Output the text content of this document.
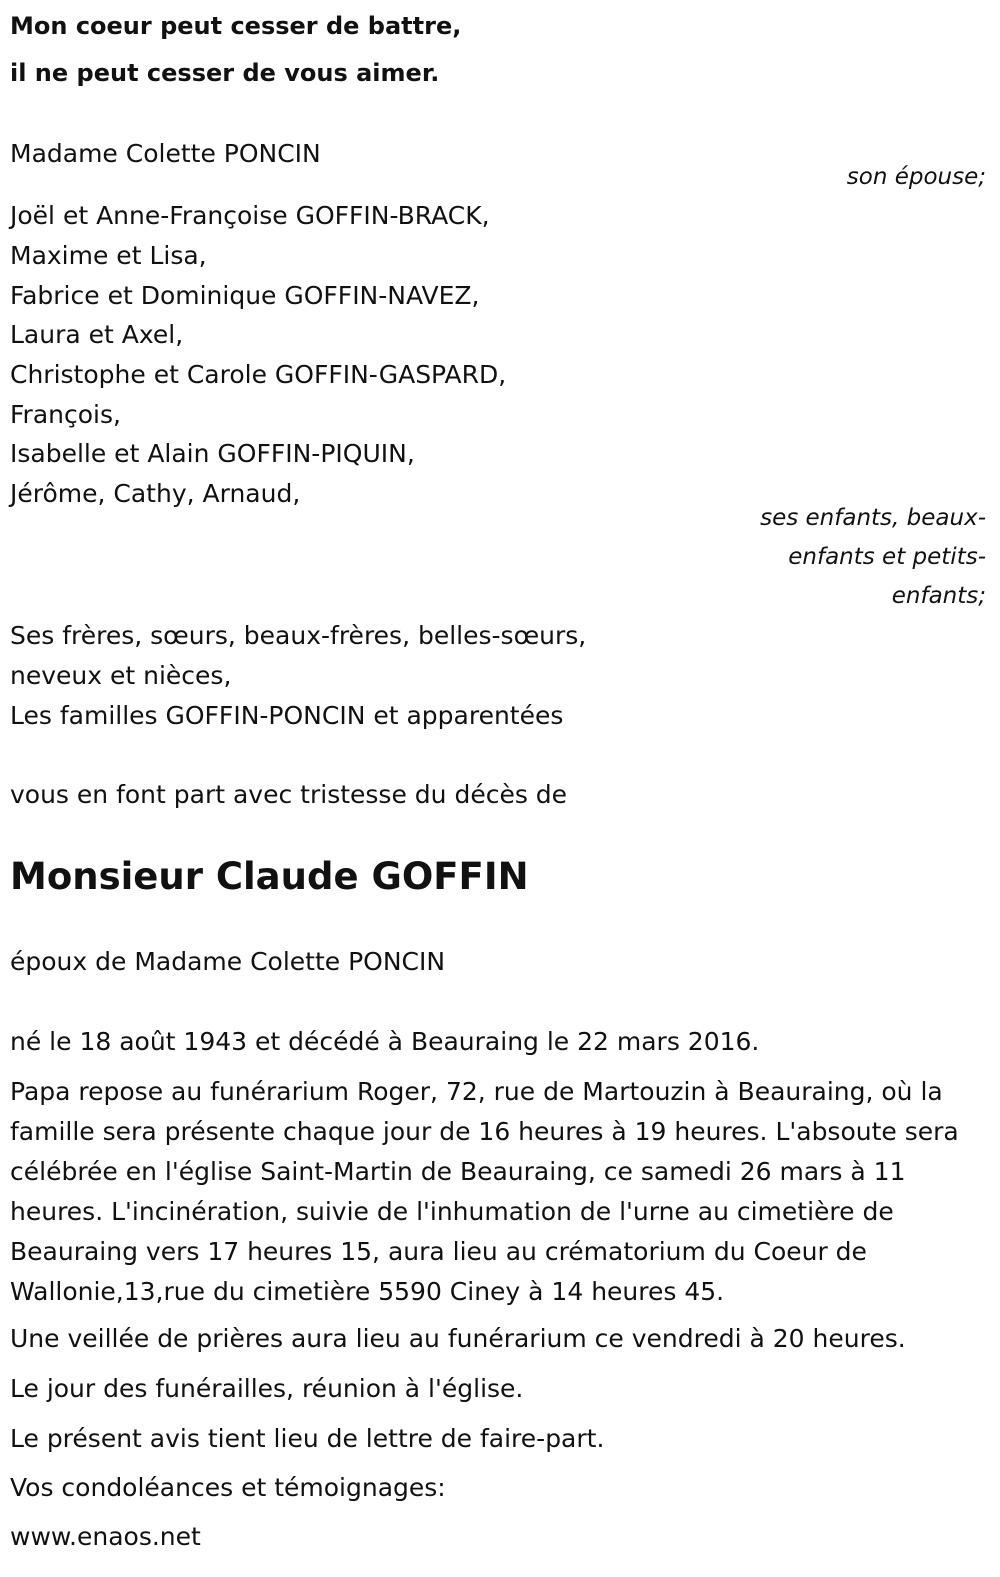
Mon coeur peut cesser de battre,
il ne peut cesser de vous aimer.
Madame Colette PONCIN
son épouse;
Joël et Anne-Françoise GOFFIN-BRACK,
Maxime et Lisa,
Fabrice et Dominique GOFFIN-NAVEZ,
Laura et Axel,
Christophe et Carole GOFFIN-GASPARD,
François,
Isabelle et Alain GOFFIN-PIQUIN,
Jérôme, Cathy, Arnaud,
ses enfants, beaux-
enfants et petits-
enfants;
Ses frères, sœurs, beaux-frères, belles-sœurs,
neveux et nièces,
Les familles GOFFIN-PONCIN et apparentées
vous en font part avec tristesse du décès de
Monsieur Claude GOFFIN
époux de Madame Colette PONCIN
né le 18 août 1943 et décédé à Beauraing le 22 mars 2016.
Papa repose au funérarium Roger, 72, rue de Martouzin à Beauraing, où la famille sera présente chaque jour de 16 heures à 19 heures. L'absoute sera célébrée en l'église Saint-Martin de Beauraing, ce samedi 26 mars à 11 heures. L'incinération, suivie de l'inhumation de l'urne au cimetière de Beauraing vers 17 heures 15, aura lieu au crématorium du Coeur de Wallonie,13,rue du cimetière 5590 Ciney à 14 heures 45.
Une veillée de prières aura lieu au funérarium ce vendredi à 20 heures.
Le jour des funérailles, réunion à l'église.
Le présent avis tient lieu de lettre de faire-part.
Vos condoléances et témoignages:
www.enaos.net
